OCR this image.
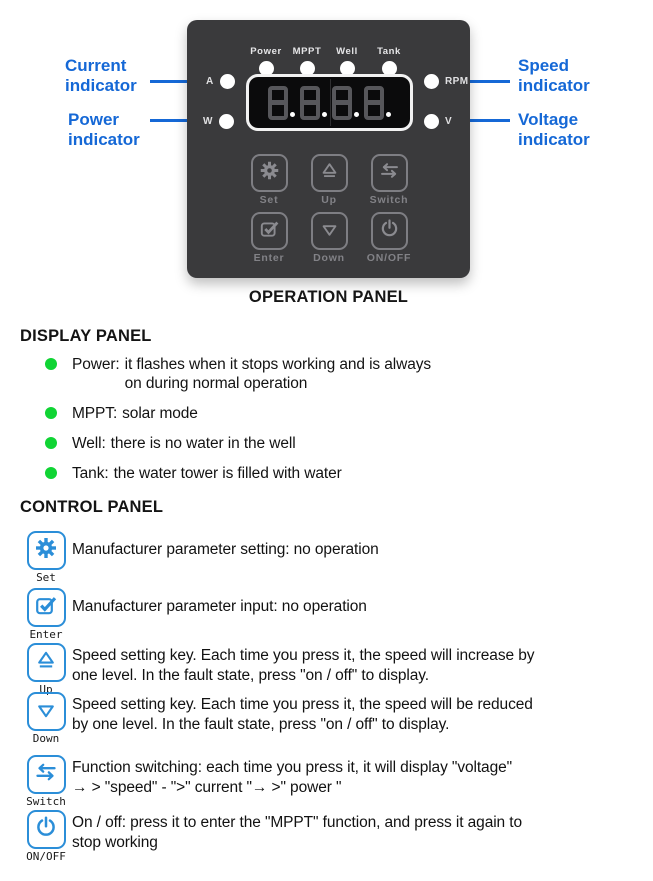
Current
indicator
Power
indicator
Speed
indicator
Voltage
indicator
Power	MPPT	Well	Tank
A
W
RPM
V
Set	Up	Switch
Enter	Down ON/OFF
OPERATION PANEL
DISPLAY PANEL
Power: it flashes when it stops working and is always
on during normal operation
MPPT: solar mode
Well: there is no water in the well
Tank: the water tower is filled with water
CONTROL PANEL
Set
Manufacturer parameter setting: no operation
Enter
Manufacturer parameter input: no operation
Up
Speed setting key. Each time you press it, the speed will increase by
one level. In the fault state, press "on / off" to display.
Down
Speed setting key. Each time you press it, the speed will be reduced
by one level. In the fault state, press "on / off" to display.
Switch
Function switching: each time you press it, it will display "voltage"
→ > "speed" - ">" current "→ >" power "
ON/OFF
On / off: press it to enter the "MPPT" function, and press it again to
stop working
